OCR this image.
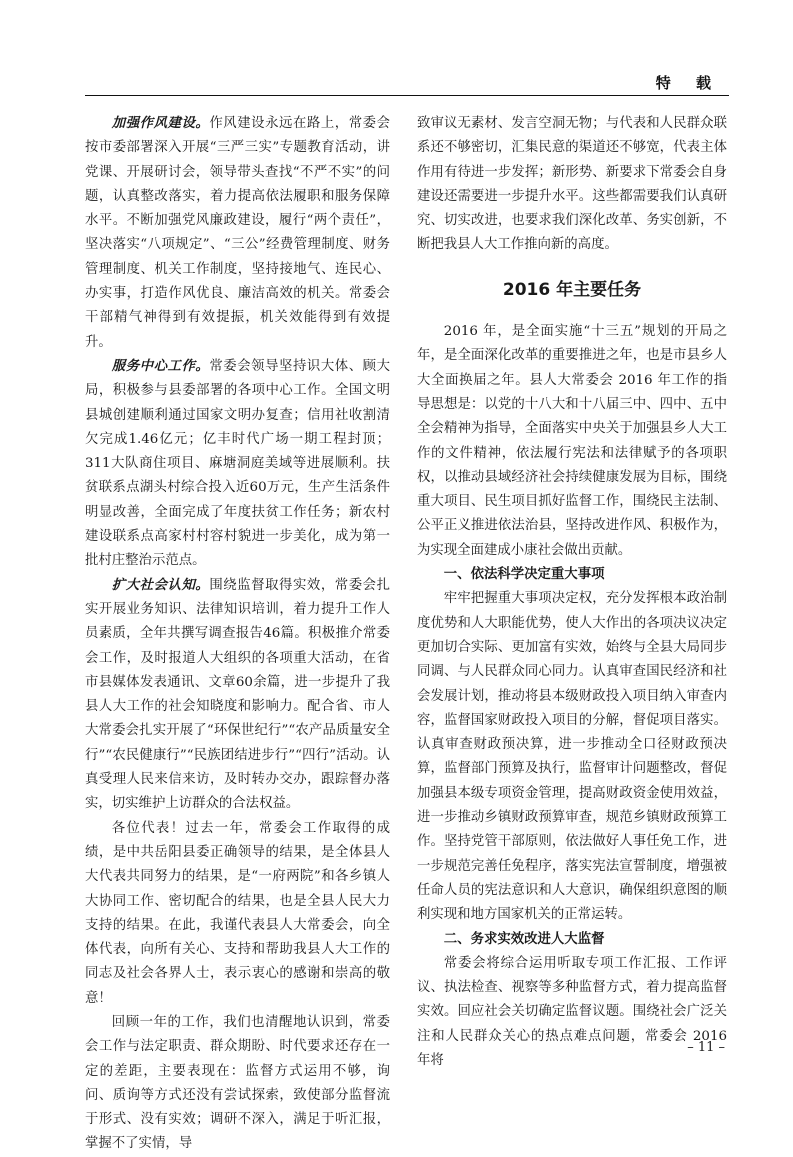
特 载

加强作风建设。作风建设永远在路上，常委会按市委部署深入开展“三严三实”专题教育活动，讲党课、开展研讨会，领导带头查找“不严不实”的问题，认真整改落实，着力提高依法履职和服务保障水平。不断加强党风廉政建设，履行“两个责任”，坚决落实“八项规定”、“三公”经费管理制度、财务管理制度、机关工作制度，坚持接地气、连民心、办实事，打造作风优良、廉洁高效的机关。常委会干部精气神得到有效提振，机关效能得到有效提升。

服务中心工作。常委会领导坚持识大体、顾大局，积极参与县委部署的各项中心工作。全国文明县城创建顺利通过国家文明办复查；信用社收割清欠完成1.46亿元；亿丰时代广场一期工程封顶；311大队商住项目、麻塘洞庭美域等进展顺利。扶贫联系点湖头村综合投入近60万元，生产生活条件明显改善，全面完成了年度扶贫工作任务；新农村建设联系点高家村村容村貌进一步美化，成为第一批村庄整治示范点。

扩大社会认知。围绕监督取得实效，常委会扎实开展业务知识、法律知识培训，着力提升工作人员素质，全年共撰写调查报告46篇。积极推介常委会工作，及时报道人大组织的各项重大活动，在省市县媒体发表通讯、文章60余篇，进一步提升了我县人大工作的社会知晓度和影响力。配合省、市人大常委会扎实开展了“环保世纪行”“农产品质量安全行”“农民健康行”“民族团结进步行”“四行”活动。认真受理人民来信来访，及时转办交办，跟踪督办落实，切实维护上访群众的合法权益。

各位代表！过去一年，常委会工作取得的成绩，是中共岳阳县委正确领导的结果，是全体县人大代表共同努力的结果，是“一府两院”和各乡镇人大协同工作、密切配合的结果，也是全县人民大力支持的结果。在此，我谨代表县人大常委会，向全体代表，向所有关心、支持和帮助我县人大工作的同志及社会各界人士，表示衷心的感谢和崇高的敬意！

回顾一年的工作，我们也清醒地认识到，常委会工作与法定职责、群众期盼、时代要求还存在一定的差距，主要表现在：监督方式运用不够，询问、质询等方式还没有尝试探索，致使部分监督流于形式、没有实效；调研不深入，满足于听汇报，掌握不了实情，导

致审议无素材、发言空洞无物；与代表和人民群众联系还不够密切，汇集民意的渠道还不够宽，代表主体作用有待进一步发挥；新形势、新要求下常委会自身建设还需要进一步提升水平。这些都需要我们认真研究、切实改进，也要求我们深化改革、务实创新，不断把我县人大工作推向新的高度。

2016 年主要任务

2016 年，是全面实施“十三五”规划的开局之年，是全面深化改革的重要推进之年，也是市县乡人大全面换届之年。县人大常委会 2016 年工作的指导思想是：以党的十八大和十八届三中、四中、五中全会精神为指导，全面落实中央关于加强县乡人大工作的文件精神，依法履行宪法和法律赋予的各项职权，以推动县域经济社会持续健康发展为目标，围绕重大项目、民生项目抓好监督工作，围绕民主法制、公平正义推进依法治县，坚持改进作风、积极作为，为实现全面建成小康社会做出贡献。

一、依法科学决定重大事项

牢牢把握重大事项决定权，充分发挥根本政治制度优势和人大职能优势，使人大作出的各项决议决定更加切合实际、更加富有实效，始终与全县大局同步同调、与人民群众同心同力。认真审查国民经济和社会发展计划，推动将县本级财政投入项目纳入审查内容，监督国家财政投入项目的分解，督促项目落实。认真审查财政预决算，进一步推动全口径财政预决算，监督部门预算及执行，监督审计问题整改，督促加强县本级专项资金管理，提高财政资金使用效益，进一步推动乡镇财政预算审查，规范乡镇财政预算工作。坚持党管干部原则，依法做好人事任免工作，进一步规范完善任免程序，落实宪法宣誓制度，增强被任命人员的宪法意识和人大意识，确保组织意图的顺利实现和地方国家机关的正常运转。

二、务求实效改进人大监督

常委会将综合运用听取专项工作汇报、工作评议、执法检查、视察等多种监督方式，着力提高监督实效。回应社会关切确定监督议题。围绕社会广泛关注和人民群众关心的热点难点问题，常委会 2016 年将

– 11 –
